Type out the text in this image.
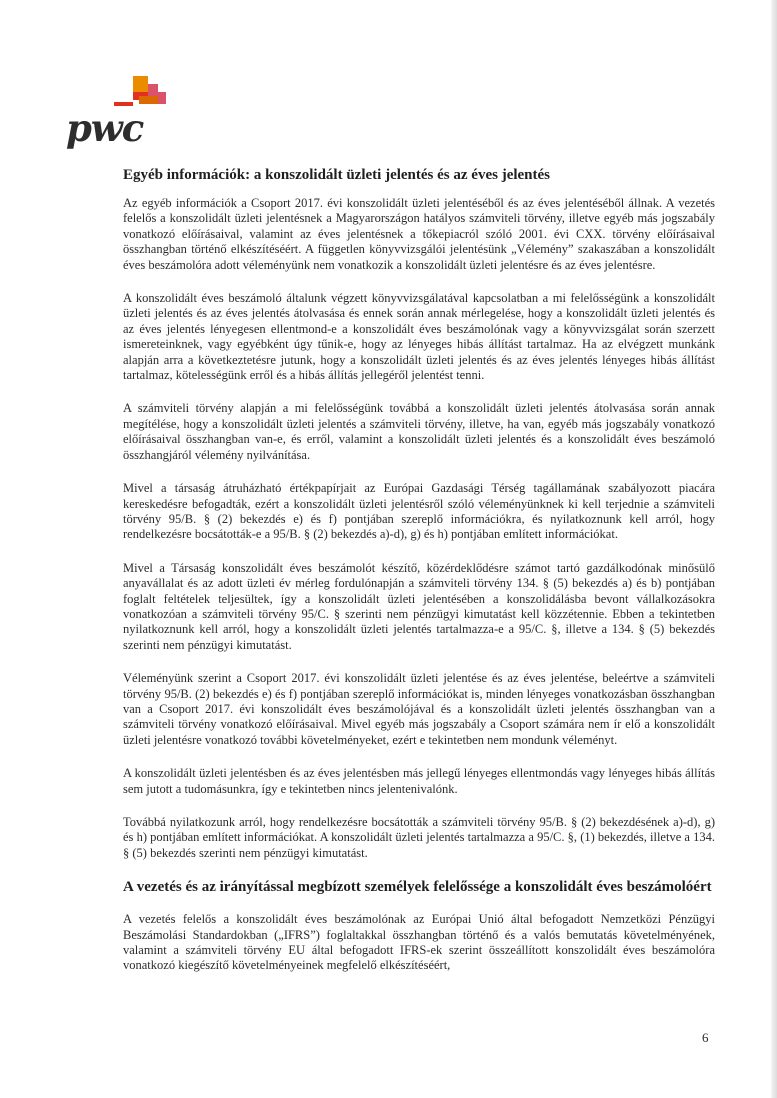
pwc
Egyéb információk: a konszolidált üzleti jelentés és az éves jelentés

Az egyéb információk a Csoport 2017. évi konszolidált üzleti jelentéséből és az éves jelentéséből állnak. A vezetés felelős a konszolidált üzleti jelentésnek a Magyarországon hatályos számviteli törvény, illetve egyéb más jogszabály vonatkozó előírásaival, valamint az éves jelentésnek a tőkepiacról szóló 2001. évi CXX. törvény előírásaival összhangban történő elkészítéséért. A független könyvvizsgálói jelentésünk „Vélemény” szakaszában a konszolidált éves beszámolóra adott véleményünk nem vonatkozik a konszolidált üzleti jelentésre és az éves jelentésre.

A konszolidált éves beszámoló általunk végzett könyvvizsgálatával kapcsolatban a mi felelősségünk a konszolidált üzleti jelentés és az éves jelentés átolvasása és ennek során annak mérlegelése, hogy a konszolidált üzleti jelentés és az éves jelentés lényegesen ellentmond-e a konszolidált éves beszámolónak vagy a könyvvizsgálat során szerzett ismereteinknek, vagy egyébként úgy tűnik-e, hogy az lényeges hibás állítást tartalmaz. Ha az elvégzett munkánk alapján arra a következtetésre jutunk, hogy a konszolidált üzleti jelentés és az éves jelentés lényeges hibás állítást tartalmaz, kötelességünk erről és a hibás állítás jellegéről jelentést tenni.

A számviteli törvény alapján a mi felelősségünk továbbá a konszolidált üzleti jelentés átolvasása során annak megítélése, hogy a konszolidált üzleti jelentés a számviteli törvény, illetve, ha van, egyéb más jogszabály vonatkozó előírásaival összhangban van-e, és erről, valamint a konszolidált üzleti jelentés és a konszolidált éves beszámoló összhangjáról vélemény nyilvánítása.

Mivel a társaság átruházható értékpapírjait az Európai Gazdasági Térség tagállamának szabályozott piacára kereskedésre befogadták, ezért a konszolidált üzleti jelentésről szóló véleményünknek ki kell terjednie a számviteli törvény 95/B. § (2) bekezdés e) és f) pontjában szereplő információkra, és nyilatkoznunk kell arról, hogy rendelkezésre bocsátották-e a 95/B. § (2) bekezdés a)-d), g) és h) pontjában említett információkat.

Mivel a Társaság konszolidált éves beszámolót készítő, közérdeklődésre számot tartó gazdálkodónak minősülő anyavállalat és az adott üzleti év mérleg fordulónapján a számviteli törvény 134. § (5) bekezdés a) és b) pontjában foglalt feltételek teljesültek, így a konszolidált üzleti jelentésében a konszolidálásba bevont vállalkozásokra vonatkozóan a számviteli törvény 95/C. § szerinti nem pénzügyi kimutatást kell közzétennie. Ebben a tekintetben nyilatkoznunk kell arról, hogy a konszolidált üzleti jelentés tartalmazza-e a 95/C. §, illetve a 134. § (5) bekezdés szerinti nem pénzügyi kimutatást.

Véleményünk szerint a Csoport 2017. évi konszolidált üzleti jelentése és az éves jelentése, beleértve a számviteli törvény 95/B. (2) bekezdés e) és f) pontjában szereplő információkat is, minden lényeges vonatkozásban összhangban van a Csoport 2017. évi konszolidált éves beszámolójával és a konszolidált üzleti jelentés összhangban van a számviteli törvény vonatkozó előírásaival. Mivel egyéb más jogszabály a Csoport számára nem ír elő a konszolidált üzleti jelentésre vonatkozó további követelményeket, ezért e tekintetben nem mondunk véleményt.

A konszolidált üzleti jelentésben és az éves jelentésben más jellegű lényeges ellentmondás vagy lényeges hibás állítás sem jutott a tudomásunkra, így e tekintetben nincs jelentenivalónk.

Továbbá nyilatkozunk arról, hogy rendelkezésre bocsátották a számviteli törvény 95/B. § (2) bekezdésének a)-d), g) és h) pontjában említett információkat. A konszolidált üzleti jelentés tartalmazza a 95/C. §, (1) bekezdés, illetve a 134. § (5) bekezdés szerinti nem pénzügyi kimutatást.

A vezetés és az irányítással megbízott személyek felelőssége a konszolidált éves beszámolóért

A vezetés felelős a konszolidált éves beszámolónak az Európai Unió által befogadott Nemzetközi Pénzügyi Beszámolási Standardokban („IFRS”) foglaltakkal összhangban történő és a valós bemutatás követelményének, valamint a számviteli törvény EU által befogadott IFRS-ek szerint összeállított konszolidált éves beszámolóra vonatkozó kiegészítő követelményeinek megfelelő elkészítéséért,

6
